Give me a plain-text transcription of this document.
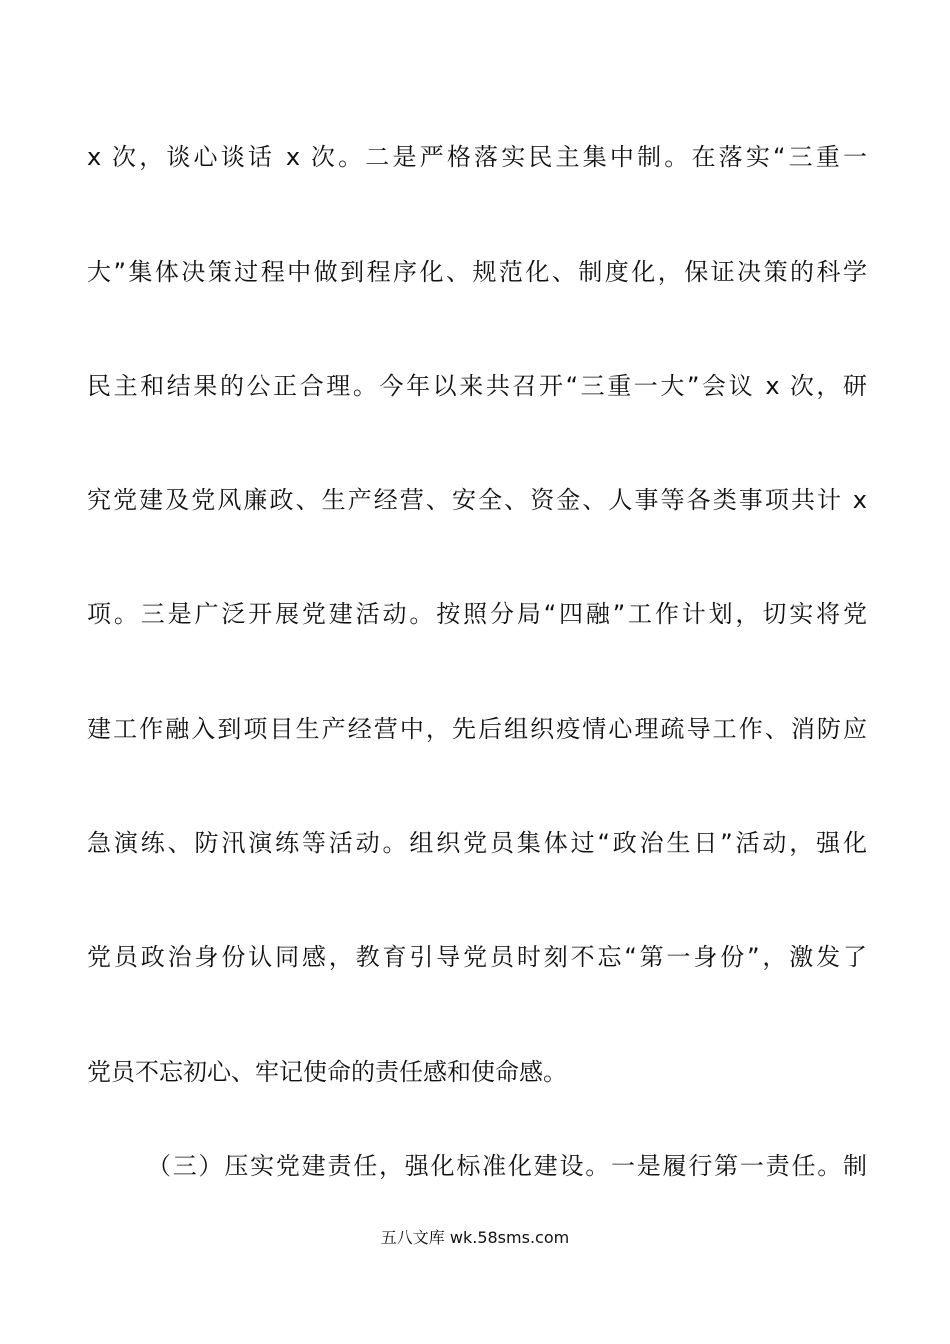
x 次，谈心谈话 x 次。二是严格落实民主集中制。在落实“三重一
大”集体决策过程中做到程序化、规范化、制度化，保证决策的科学
民主和结果的公正合理。今年以来共召开“三重一大”会议 x 次，研
究党建及党风廉政、生产经营、安全、资金、人事等各类事项共计 x
项。三是广泛开展党建活动。按照分局“四融”工作计划，切实将党
建工作融入到项目生产经营中，先后组织疫情心理疏导工作、消防应
急演练、防汛演练等活动。组织党员集体过“政治生日”活动，强化
党员政治身份认同感，教育引导党员时刻不忘“第一身份”，激发了
党员不忘初心、牢记使命的责任感和使命感。
（三）压实党建责任，强化标准化建设。一是履行第一责任。制
五八文库 wk.58sms.com
